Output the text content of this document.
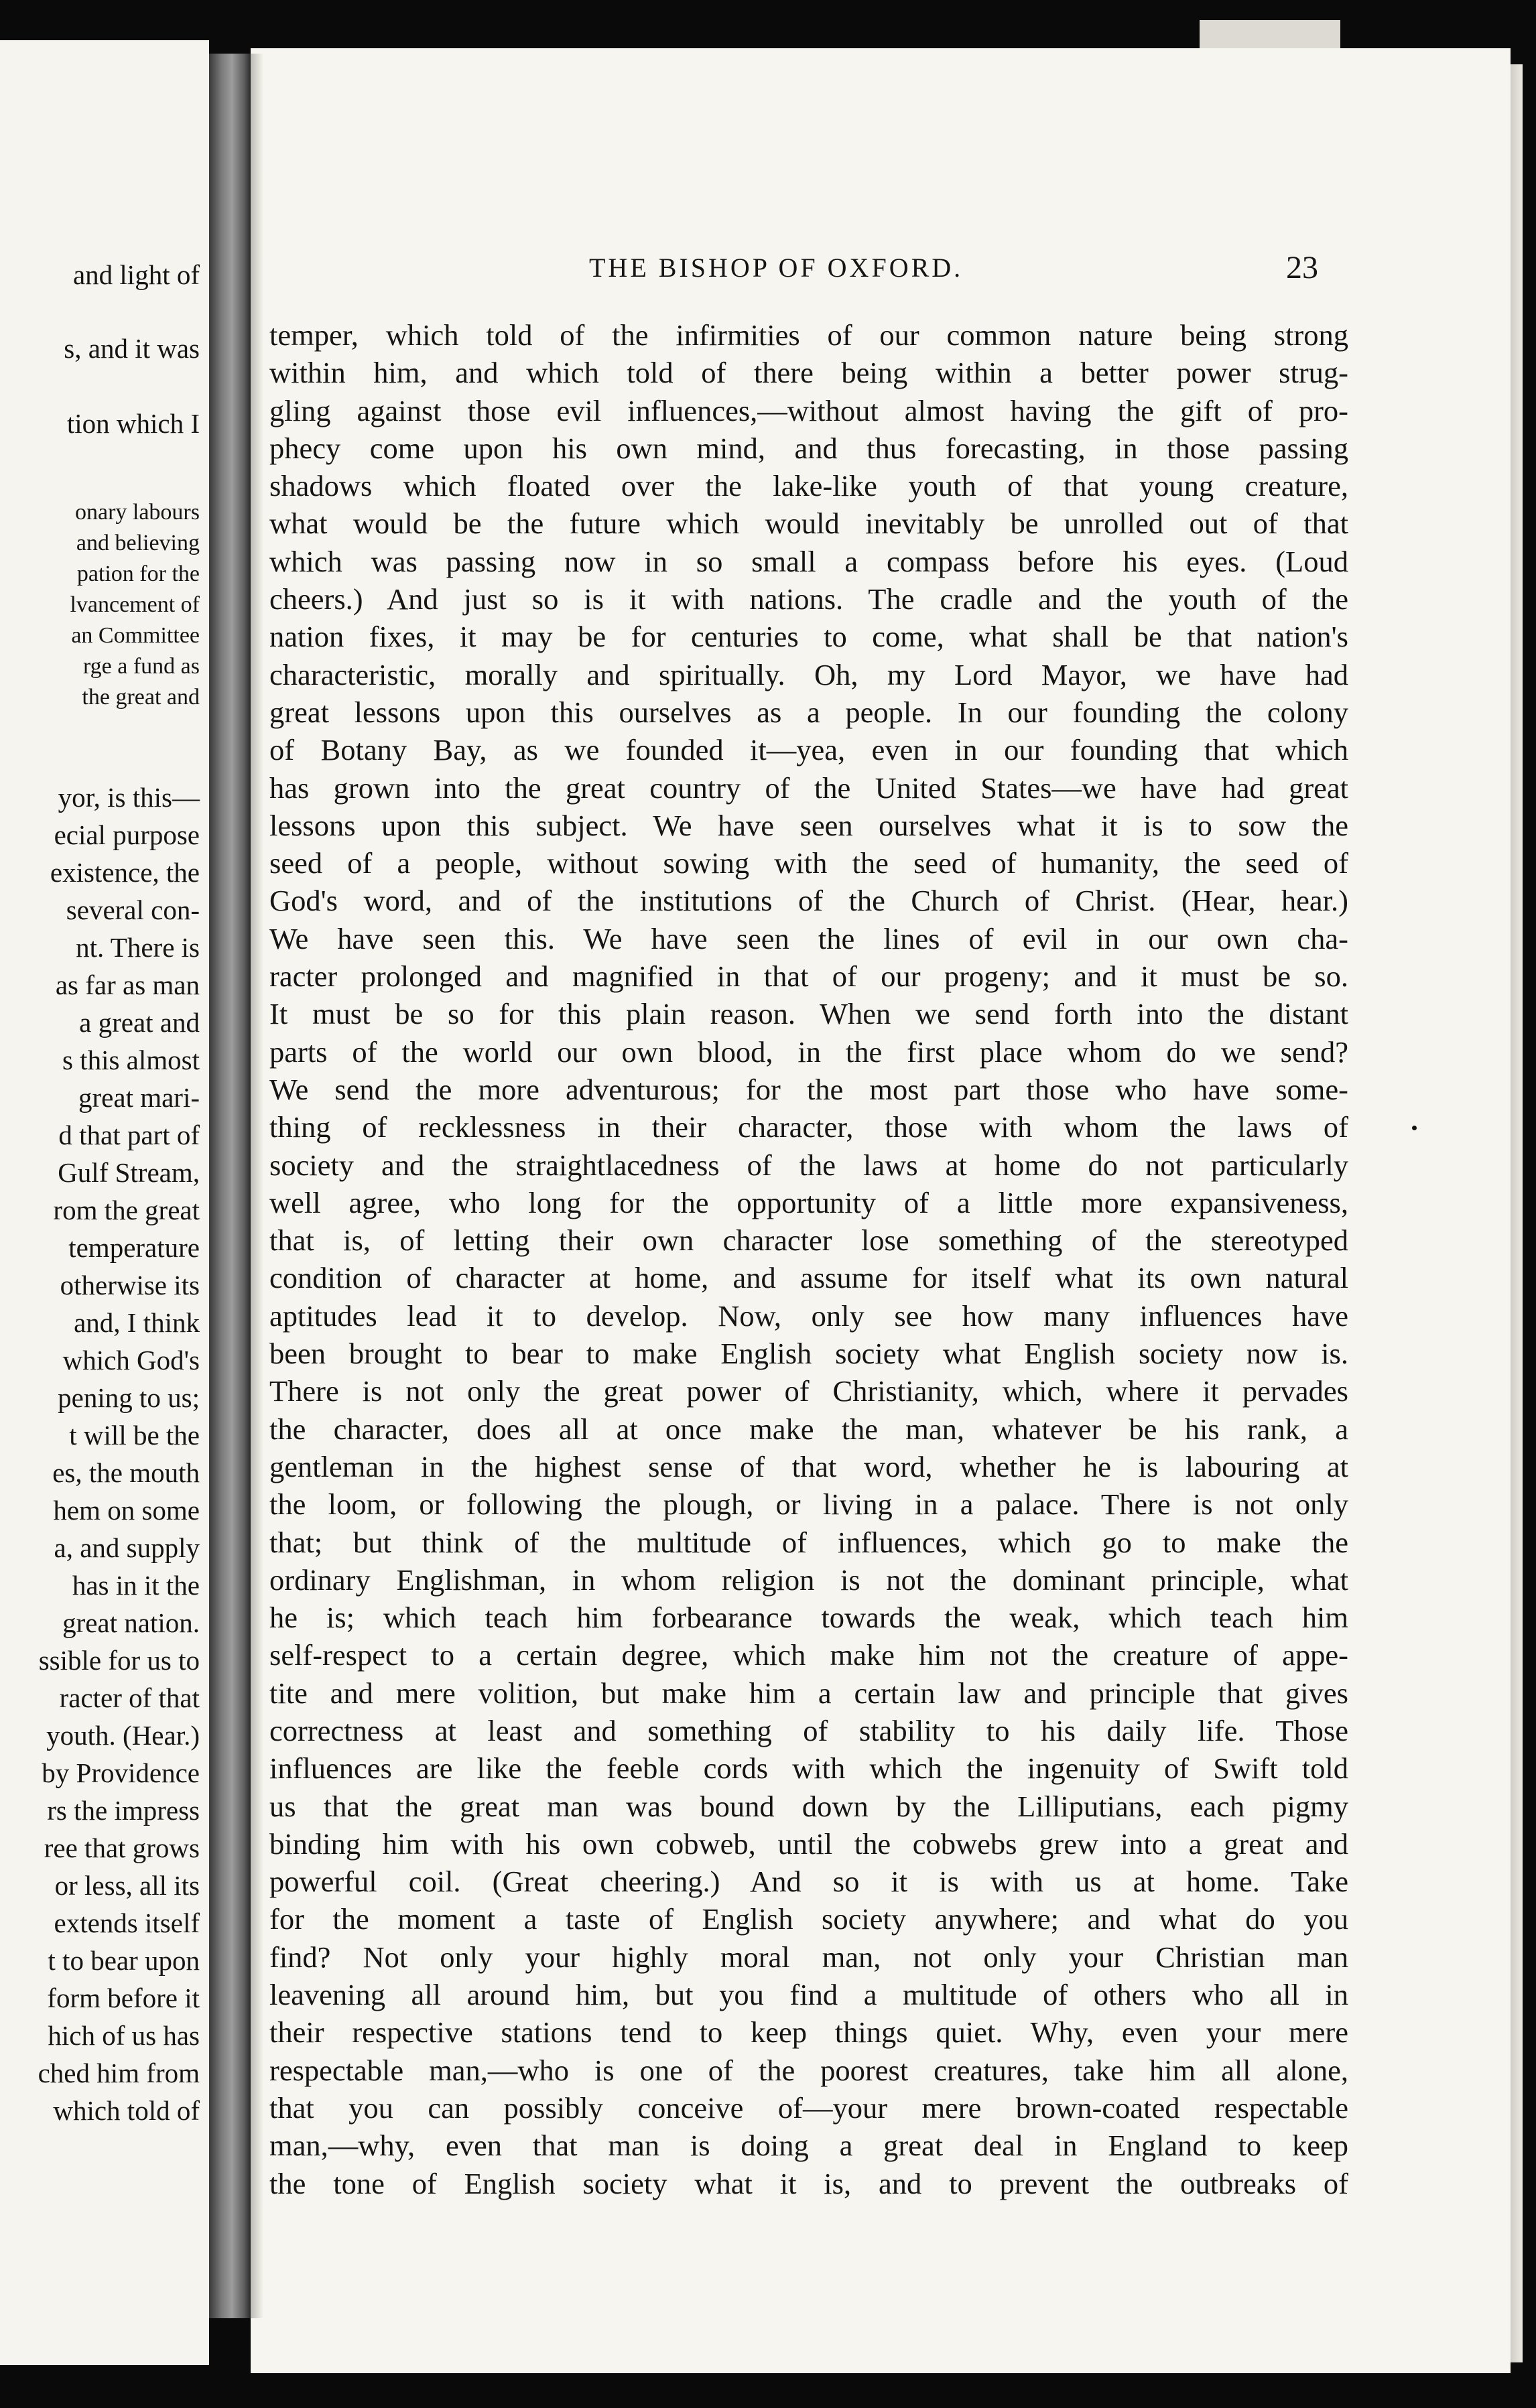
and light of
s, and it was
tion which I
onary labours
and believing
pation for the
lvancement of
an Committee
rge a fund as
the great and
yor, is this—
ecial purpose
existence, the
several con-
nt. There is
as far as man
a great and
s this almost
great mari-
d that part of
Gulf Stream,
rom the great
temperature
otherwise its
and, I think
which God's
pening to us;
t will be the
es, the mouth
hem on some
a, and supply
has in it the
great nation.
ssible for us to
racter of that
youth. (Hear.)
by Providence
rs the impress
ree that grows
or less, all its
extends itself
t to bear upon
form before it
hich of us has
ched him from
which told of
THE BISHOP OF OXFORD.	23
temper, which told of the infirmities of our common nature being strong
within him, and which told of there being within a better power strug-
gling against those evil influences,—without almost having the gift of pro-
phecy come upon his own mind, and thus forecasting, in those passing
shadows which floated over the lake-like youth of that young creature,
what would be the future which would inevitably be unrolled out of that
which was passing now in so small a compass before his eyes. (Loud
cheers.) And just so is it with nations. The cradle and the youth of the
nation fixes, it may be for centuries to come, what shall be that nation's
characteristic, morally and spiritually. Oh, my Lord Mayor, we have had
great lessons upon this ourselves as a people. In our founding the colony
of Botany Bay, as we founded it—yea, even in our founding that which
has grown into the great country of the United States—we have had great
lessons upon this subject. We have seen ourselves what it is to sow the
seed of a people, without sowing with the seed of humanity, the seed of
God's word, and of the institutions of the Church of Christ. (Hear, hear.)
We have seen this. We have seen the lines of evil in our own cha-
racter prolonged and magnified in that of our progeny; and it must be so.
It must be so for this plain reason. When we send forth into the distant
parts of the world our own blood, in the first place whom do we send?
We send the more adventurous; for the most part those who have some-
thing of recklessness in their character, those with whom the laws of
society and the straightlacedness of the laws at home do not particularly
well agree, who long for the opportunity of a little more expansiveness,
that is, of letting their own character lose something of the stereotyped
condition of character at home, and assume for itself what its own natural
aptitudes lead it to develop. Now, only see how many influences have
been brought to bear to make English society what English society now is.
There is not only the great power of Christianity, which, where it pervades
the character, does all at once make the man, whatever be his rank, a
gentleman in the highest sense of that word, whether he is labouring at
the loom, or following the plough, or living in a palace. There is not only
that; but think of the multitude of influences, which go to make the
ordinary Englishman, in whom religion is not the dominant principle, what
he is; which teach him forbearance towards the weak, which teach him
self-respect to a certain degree, which make him not the creature of appe-
tite and mere volition, but make him a certain law and principle that gives
correctness at least and something of stability to his daily life. Those
influences are like the feeble cords with which the ingenuity of Swift told
us that the great man was bound down by the Lilliputians, each pigmy
binding him with his own cobweb, until the cobwebs grew into a great and
powerful coil. (Great cheering.) And so it is with us at home. Take
for the moment a taste of English society anywhere; and what do you
find? Not only your highly moral man, not only your Christian man
leavening all around him, but you find a multitude of others who all in
their respective stations tend to keep things quiet. Why, even your mere
respectable man,—who is one of the poorest creatures, take him all alone,
that you can possibly conceive of—your mere brown-coated respectable
man,—why, even that man is doing a great deal in England to keep
the tone of English society what it is, and to prevent the outbreaks of
